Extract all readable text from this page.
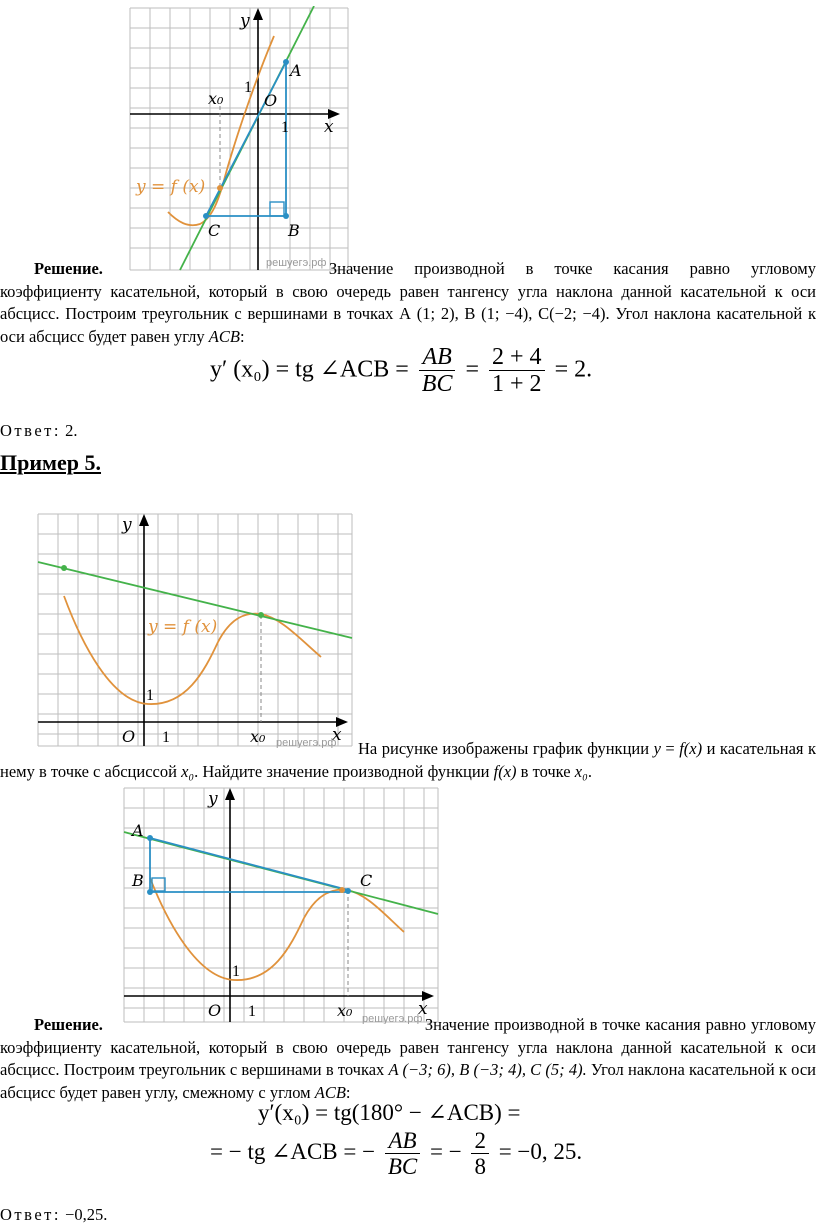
y
x
x₀
1
1
O
A
B
C
y = f (x)
решуегэ.рф

Решение.	Значение производной в точке касания равно угловому коэффициенту касательной, который в свою очередь равен тангенсу угла наклона данной касательной к оси абсцисс. Построим треугольник с вершинами в точках А (1; 2), В (1; −4), С(−2; −4). Угол наклона касательной к оси абсцисс будет равен углу ACB:

y′ (x₀) = tg ∠ACB = $\frac{AB}{BC} = \frac{2 + 4}{1 + 2} = 2$.
Ответ: 2.
Пример 5.
y
x
x₀
1
1
O
y = f (x)
решуегэ.рф	На рисунке изображены график функции y = f(x) и касательная к нему в точке с абсциссой x₀. Найдите значение производной функции f(x) в точке x₀.

y
x
x₀
1
1
O
A
B	C
решуегэ.рф

Решение.	Значение производной в точке касания равно угловому коэффициенту касательной, который в свою очередь равен тангенсу угла наклона данной касательной к оси абсцисс. Построим треугольник с вершинами в точках A (−3; 6), B (−3; 4), C (5; 4). Угол наклона касательной к оси абсцисс будет равен углу, смежному с углом ACB:

y′(x₀) = tg(180° − ∠ACB) =
= − tg ∠ACB = − $\frac{AB}{BC}$ = − $\frac{2}{8} = -0$, 25.
Ответ: −0,25.
